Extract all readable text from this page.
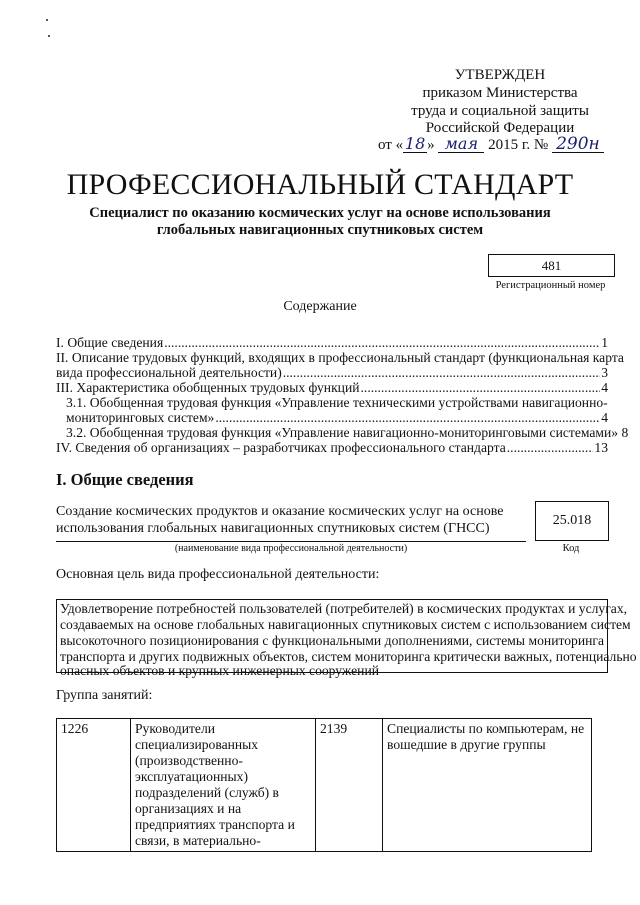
УТВЕРЖДЕН
приказом Министерства
труда и социальной защиты
Российской Федерации
от « 18 » мая 2015 г. № 290н
ПРОФЕССИОНАЛЬНЫЙ СТАНДАРТ
Специалист по оказанию космических услуг на основе использования
глобальных навигационных спутниковых систем
481
Регистрационный номер
Содержание
I. Общие сведения .....	1
II. Описание трудовых функций, входящих в профессиональный стандарт (функциональная карта
вида профессиональной деятельности) .....	3
III. Характеристика обобщенных трудовых функций .....	4
3.1. Обобщенная трудовая функция «Управление техническими устройствами навигационно-
мониторинговых систем» .....	4
3.2. Обобщенная трудовая функция «Управление навигационно-мониторинговыми системами» 8
IV. Сведения об организациях – разработчиках профессионального стандарта .....	13
I. Общие сведения
Создание космических продуктов и оказание космических услуг на основе использования глобальных навигационных спутниковых систем (ГНСС)
25.018
(наименование вида профессиональной деятельности)	Код
Основная цель вида профессиональной деятельности:
Удовлетворение потребностей пользователей (потребителей) в космических продуктах и услугах,
создаваемых на основе глобальных навигационных спутниковых систем с использованием систем
высокоточного позиционирования с функциональными дополнениями, системы мониторинга
транспорта и других подвижных объектов, систем мониторинга критически важных, потенциально
опасных объектов и крупных инженерных сооружений
Группа занятий:
1226	Руководители специализированных (производственно-эксплуатационных) подразделений (служб) в организациях и на предприятиях транспорта и связи, в материально-	2139	Специалисты по компьютерам, не вошедшие в другие группы
